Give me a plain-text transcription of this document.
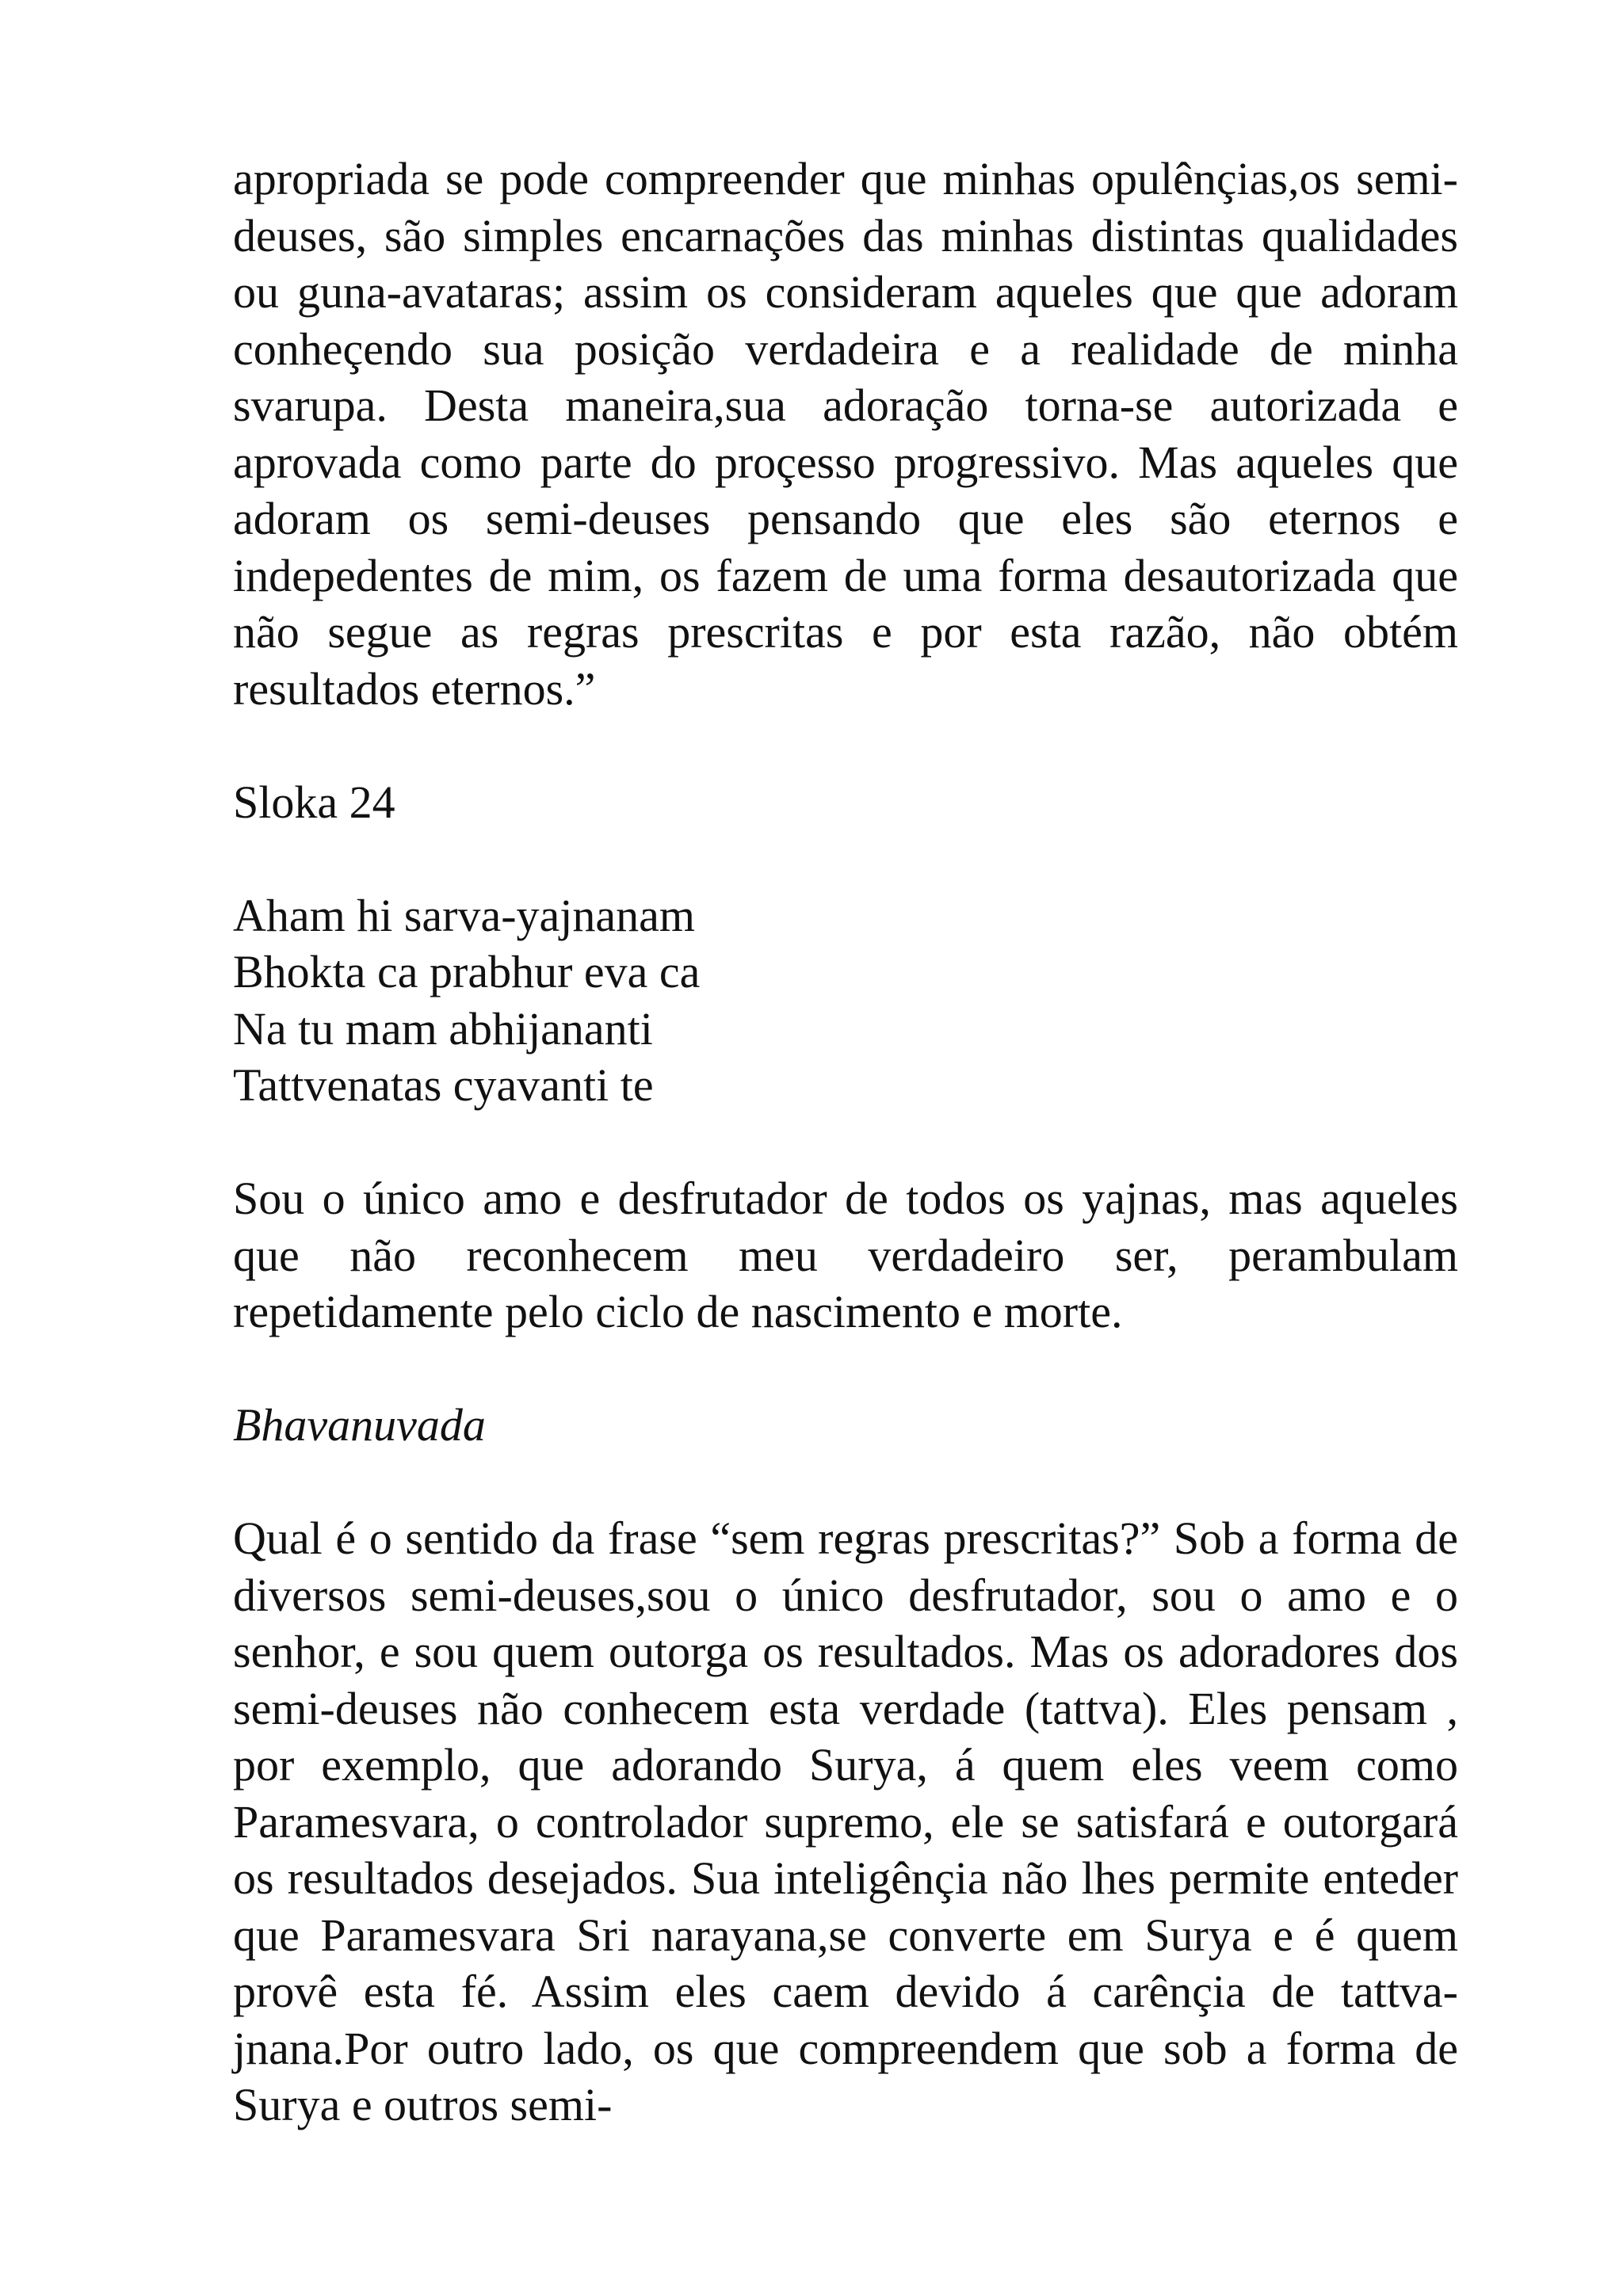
apropriada se pode compreender que minhas opulênçias,os semi-deuses, são simples encarnações das minhas distintas qualidades ou guna-avataras; assim os consideram aqueles que que adoram conheçendo sua posição verdadeira e a realidade de minha svarupa. Desta maneira,sua adoração torna-se autorizada e aprovada como parte do proçesso progressivo. Mas aqueles que adoram os semi-deuses pensando que eles são eternos e indepedentes de mim, os fazem de uma forma desautorizada que não segue as regras prescritas e por esta razão, não obtém resultados eternos.”

Sloka 24

Aham hi sarva-yajnanam

Bhokta ca prabhur eva ca

Na tu mam abhijananti

Tattvenatas cyavanti te

Sou o único amo e desfrutador de todos os yajnas, mas aqueles que não reconhecem meu verdadeiro ser, perambulam repetidamente pelo ciclo de nascimento e morte.

Bhavanuvada

Qual é o sentido da frase “sem regras prescritas?” Sob a forma de diversos semi-deuses,sou o único desfrutador, sou o amo e o senhor, e sou quem outorga os resultados. Mas os adoradores dos semi-deuses não conhecem esta verdade (tattva). Eles pensam , por exemplo, que adorando Surya, á quem eles veem como Paramesvara, o controlador supremo, ele se satisfará e outorgará os resultados desejados. Sua inteligênçia não lhes permite enteder que Paramesvara Sri narayana,se converte em Surya e é quem provê esta fé. Assim eles caem devido á carênçia de tattva-jnana.Por outro lado, os que compreendem que sob a forma de Surya e outros semi-
